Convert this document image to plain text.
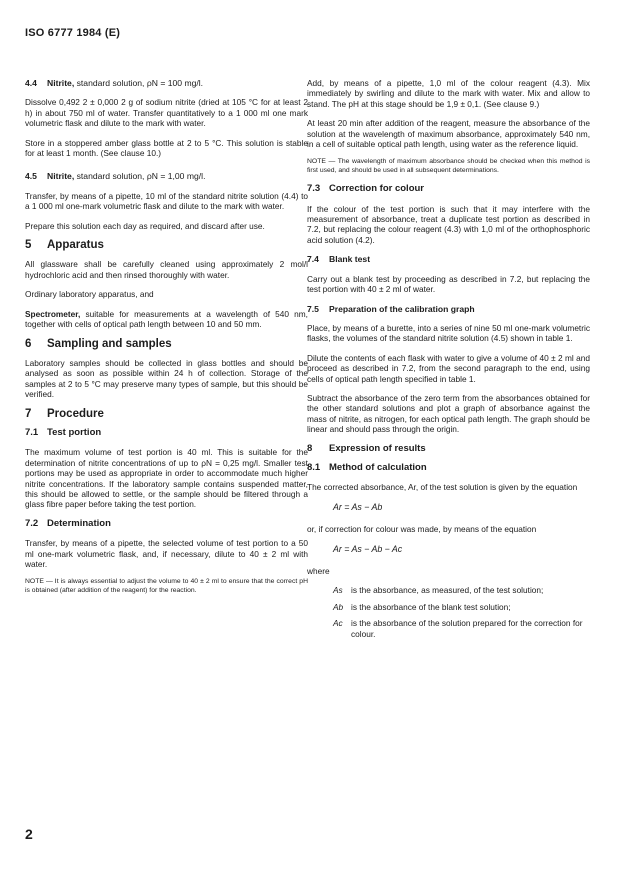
ISO 6777 1984 (E)
4.4 Nitrite, standard solution, ρN = 100 mg/l.

Dissolve 0,492 2 ± 0,000 2 g of sodium nitrite (dried at 105 °C for at least 2 h) in about 750 ml of water. Transfer quantitatively to a 1 000 ml one mark volumetric flask and dilute to the mark with water.

Store in a stoppered amber glass bottle at 2 to 5 °C. This solution is stable for at least 1 month. (See clause 10.)

4.5 Nitrite, standard solution, ρN = 1,00 mg/l.

Transfer, by means of a pipette, 10 ml of the standard nitrite solution (4.4) to a 1 000 ml one-mark volumetric flask and dilute to the mark with water.

Prepare this solution each day as required, and discard after use.

5 Apparatus

All glassware shall be carefully cleaned using approximately 2 mol/l hydrochloric acid and then rinsed thoroughly with water.

Ordinary laboratory apparatus, and

Spectrometer, suitable for measurements at a wavelength of 540 nm, together with cells of optical path length between 10 and 50 mm.

6 Sampling and samples

Laboratory samples should be collected in glass bottles and should be analysed as soon as possible within 24 h of collection. Storage of the samples at 2 to 5 °C may preserve many types of sample, but this should be verified.

7 Procedure
7.1 Test portion

The maximum volume of test portion is 40 ml. This is suitable for the determination of nitrite concentrations of up to ρN = 0,25 mg/l. Smaller test portions may be used as appropriate in order to accommodate much higher nitrite concentrations. If the laboratory sample contains suspended matter, this should be allowed to settle, or the sample should be filtered through a glass fibre paper before taking the test portion.

7.2 Determination

Transfer, by means of a pipette, the selected volume of test portion to a 50 ml one-mark volumetric flask, and, if necessary, dilute to 40 ± 2 ml with water.

NOTE — It is always essential to adjust the volume to 40 ± 2 ml to ensure that the correct pH is obtained (after addition of the reagent) for the reaction.

Add, by means of a pipette, 1,0 ml of the colour reagent (4.3). Mix immediately by swirling and dilute to the mark with water. Mix and allow to stand. The pH at this stage should be 1,9 ± 0,1. (See clause 9.)

At least 20 min after addition of the reagent, measure the absorbance of the solution at the wavelength of maximum absorbance, approximately 540 nm, in a cell of suitable optical path length, using water as the reference liquid.

NOTE — The wavelength of maximum absorbance should be checked when this method is first used, and should be used in all subsequent determinations.

7.3 Correction for colour

If the colour of the test portion is such that it may interfere with the measurement of absorbance, treat a duplicate test portion as described in 7.2, but replacing the colour reagent (4.3) with 1,0 ml of the orthophosphoric acid solution (4.2).

7.4 Blank test

Carry out a blank test by proceeding as described in 7.2, but replacing the test portion with 40 ± 2 ml of water.

7.5 Preparation of the calibration graph

Place, by means of a burette, into a series of nine 50 ml one-mark volumetric flasks, the volumes of the standard nitrite solution (4.5) shown in table 1.

Dilute the contents of each flask with water to give a volume of 40 ± 2 ml and proceed as described in 7.2, from the second paragraph to the end, using cells of optical path length specified in table 1.

Subtract the absorbance of the zero term from the absorbances obtained for the other standard solutions and plot a graph of absorbance against the mass of nitrite, as nitrogen, for each optical path length. The graph should be linear and should pass through the origin.

8 Expression of results
8.1 Method of calculation

The corrected absorbance, Ar, of the test solution is given by the equation

Ar = As − Ab

or, if correction for colour was made, by means of the equation

Ar = As − Ab − Ac

where

As	is the absorbance, as measured, of the test solution;
Ab is the absorbance of the blank test solution;
Ac	is the absorbance of the solution prepared for the correction for colour.
2
